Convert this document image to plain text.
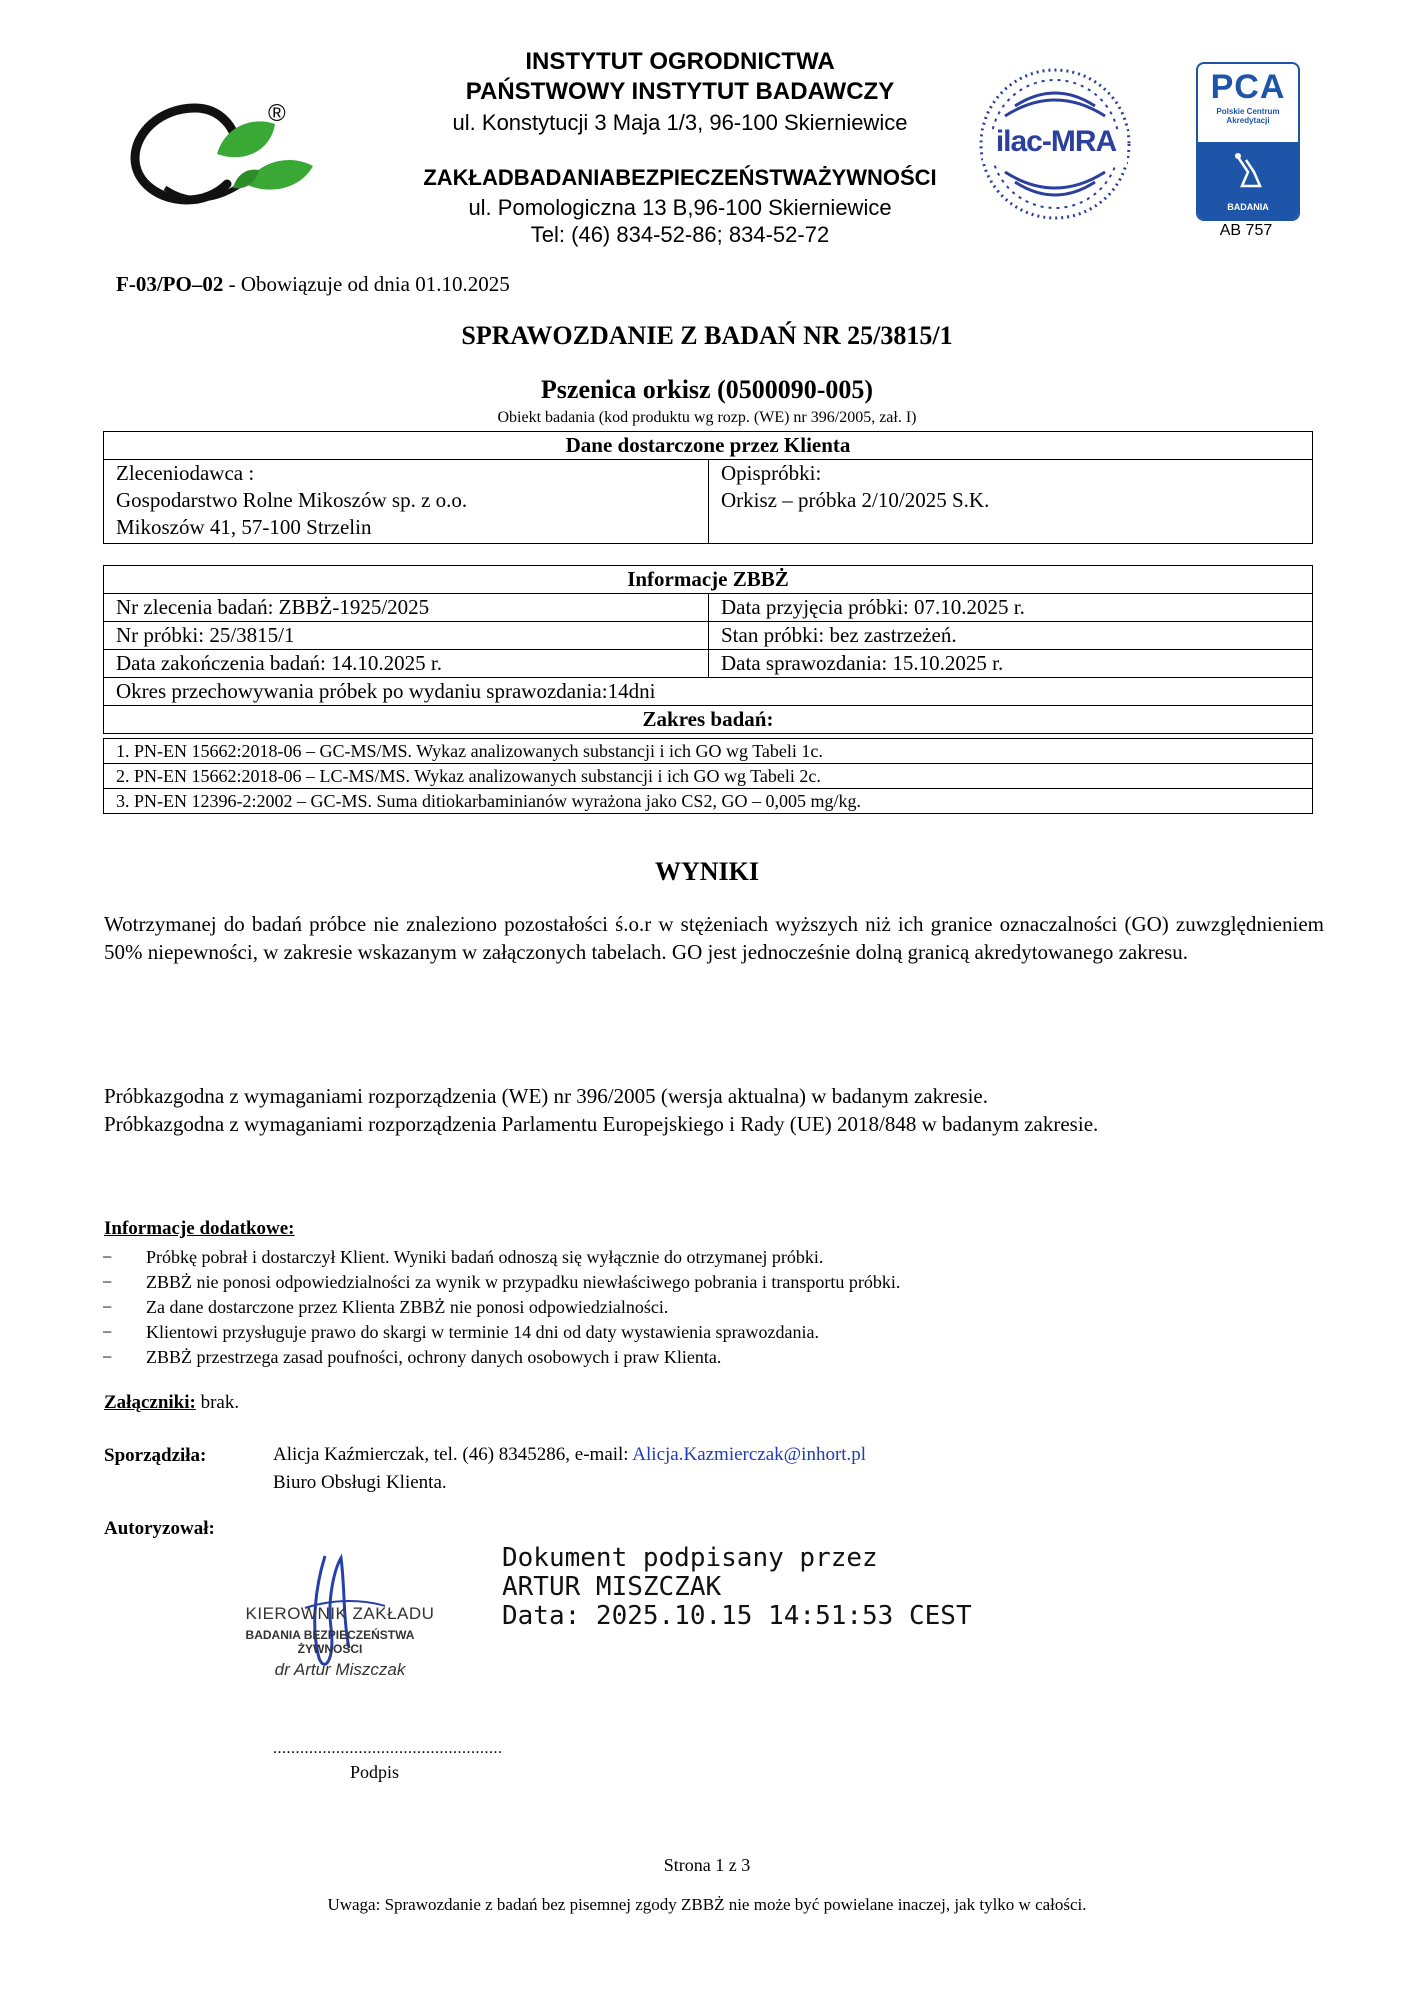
®
INSTYTUT OGRODNICTWA
PAŃSTWOWY INSTYTUT BADAWCZY
ul. Konstytucji 3 Maja 1/3, 96-100 Skierniewice
ZAKŁADBADANIABEZPIECZEŃSTWAŻYWNOŚCI
ul. Pomologiczna 13 B,96-100 Skierniewice
Tel: (46) 834-52-86; 834-52-72
ilac-MRA
PCA
Polskie Centrum
Akredytacji
BADANIA
AB 757
F-03/PO–02 - Obowiązuje od dnia 01.10.2025
SPRAWOZDANIE Z BADAŃ NR 25/3815/1
Pszenica orkisz (0500090-005)
Obiekt badania (kod produktu wg rozp. (WE) nr 396/2005, zał. I)
Dane dostarczone przez Klienta

Zleceniodawca :
Gospodarstwo Rolne Mikoszów sp. z o.o.
Mikoszów 41, 57-100 Strzelin

Opispróbki:
Orkisz – próbka 2/10/2025 S.K.
Informacje ZBBŻ	
Nr zlecenia badań: ZBBŻ-1925/2025	Data przyjęcia próbki: 07.10.2025 r.
Nr próbki: 25/3815/1	Stan próbki: bez zastrzeżeń.
Data zakończenia badań: 14.10.2025 r.	Data sprawozdania: 15.10.2025 r.
Okres przechowywania próbek po wydaniu sprawozdania:14dni	
Zakres badań:	
1. PN-EN 15662:2018-06 – GC-MS/MS. Wykaz analizowanych substancji i ich GO wg Tabeli 1c.
2. PN-EN 15662:2018-06 – LC-MS/MS. Wykaz analizowanych substancji i ich GO wg Tabeli 2c.
3. PN-EN 12396-2:2002 – GC-MS. Suma ditiokarbaminianów wyrażona jako CS2, GO – 0,005 mg/kg.
WYNIKI
Wotrzymanej do badań próbce nie znaleziono pozostałości ś.o.r w stężeniach wyższych niż ich granice oznaczalności (GO) zuwzględnieniem 50% niepewności, w zakresie wskazanym w załączonych tabelach. GO jest jednocześnie dolną granicą akredytowanego zakresu.
Próbkazgodna z wymaganiami rozporządzenia (WE) nr 396/2005 (wersja aktualna) w badanym zakresie.
Próbkazgodna z wymaganiami rozporządzenia Parlamentu Europejskiego i Rady (UE) 2018/848 w badanym zakresie.
Informacje dodatkowe:
− Próbkę pobrał i dostarczył Klient. Wyniki badań odnoszą się wyłącznie do otrzymanej próbki.
− ZBBŻ nie ponosi odpowiedzialności za wynik w przypadku niewłaściwego pobrania i transportu próbki.
− Za dane dostarczone przez Klienta ZBBŻ nie ponosi odpowiedzialności.
− Klientowi przysługuje prawo do skargi w terminie 14 dni od daty wystawienia sprawozdania.
− ZBBŻ przestrzega zasad poufności, ochrony danych osobowych i praw Klienta.
Załączniki: brak.
Sporządziła:	Alicja Kaźmierczak, tel. (46) 8345286, e-mail: Alicja.Kazmierczak@inhort.pl
Biuro Obsługi Klienta.
Autoryzował:
KIEROWNIK ZAKŁADU
BADANIA BEZPIECZEŃSTWA ŻYWNOŚCI
dr Artur Miszczak
Dokument podpisany przez
ARTUR MISZCZAK
Data: 2025.10.15 14:51:53 CEST
...................................................
Podpis
Strona 1 z 3
Uwaga: Sprawozdanie z badań bez pisemnej zgody ZBBŻ nie może być powielane inaczej, jak tylko w całości.
